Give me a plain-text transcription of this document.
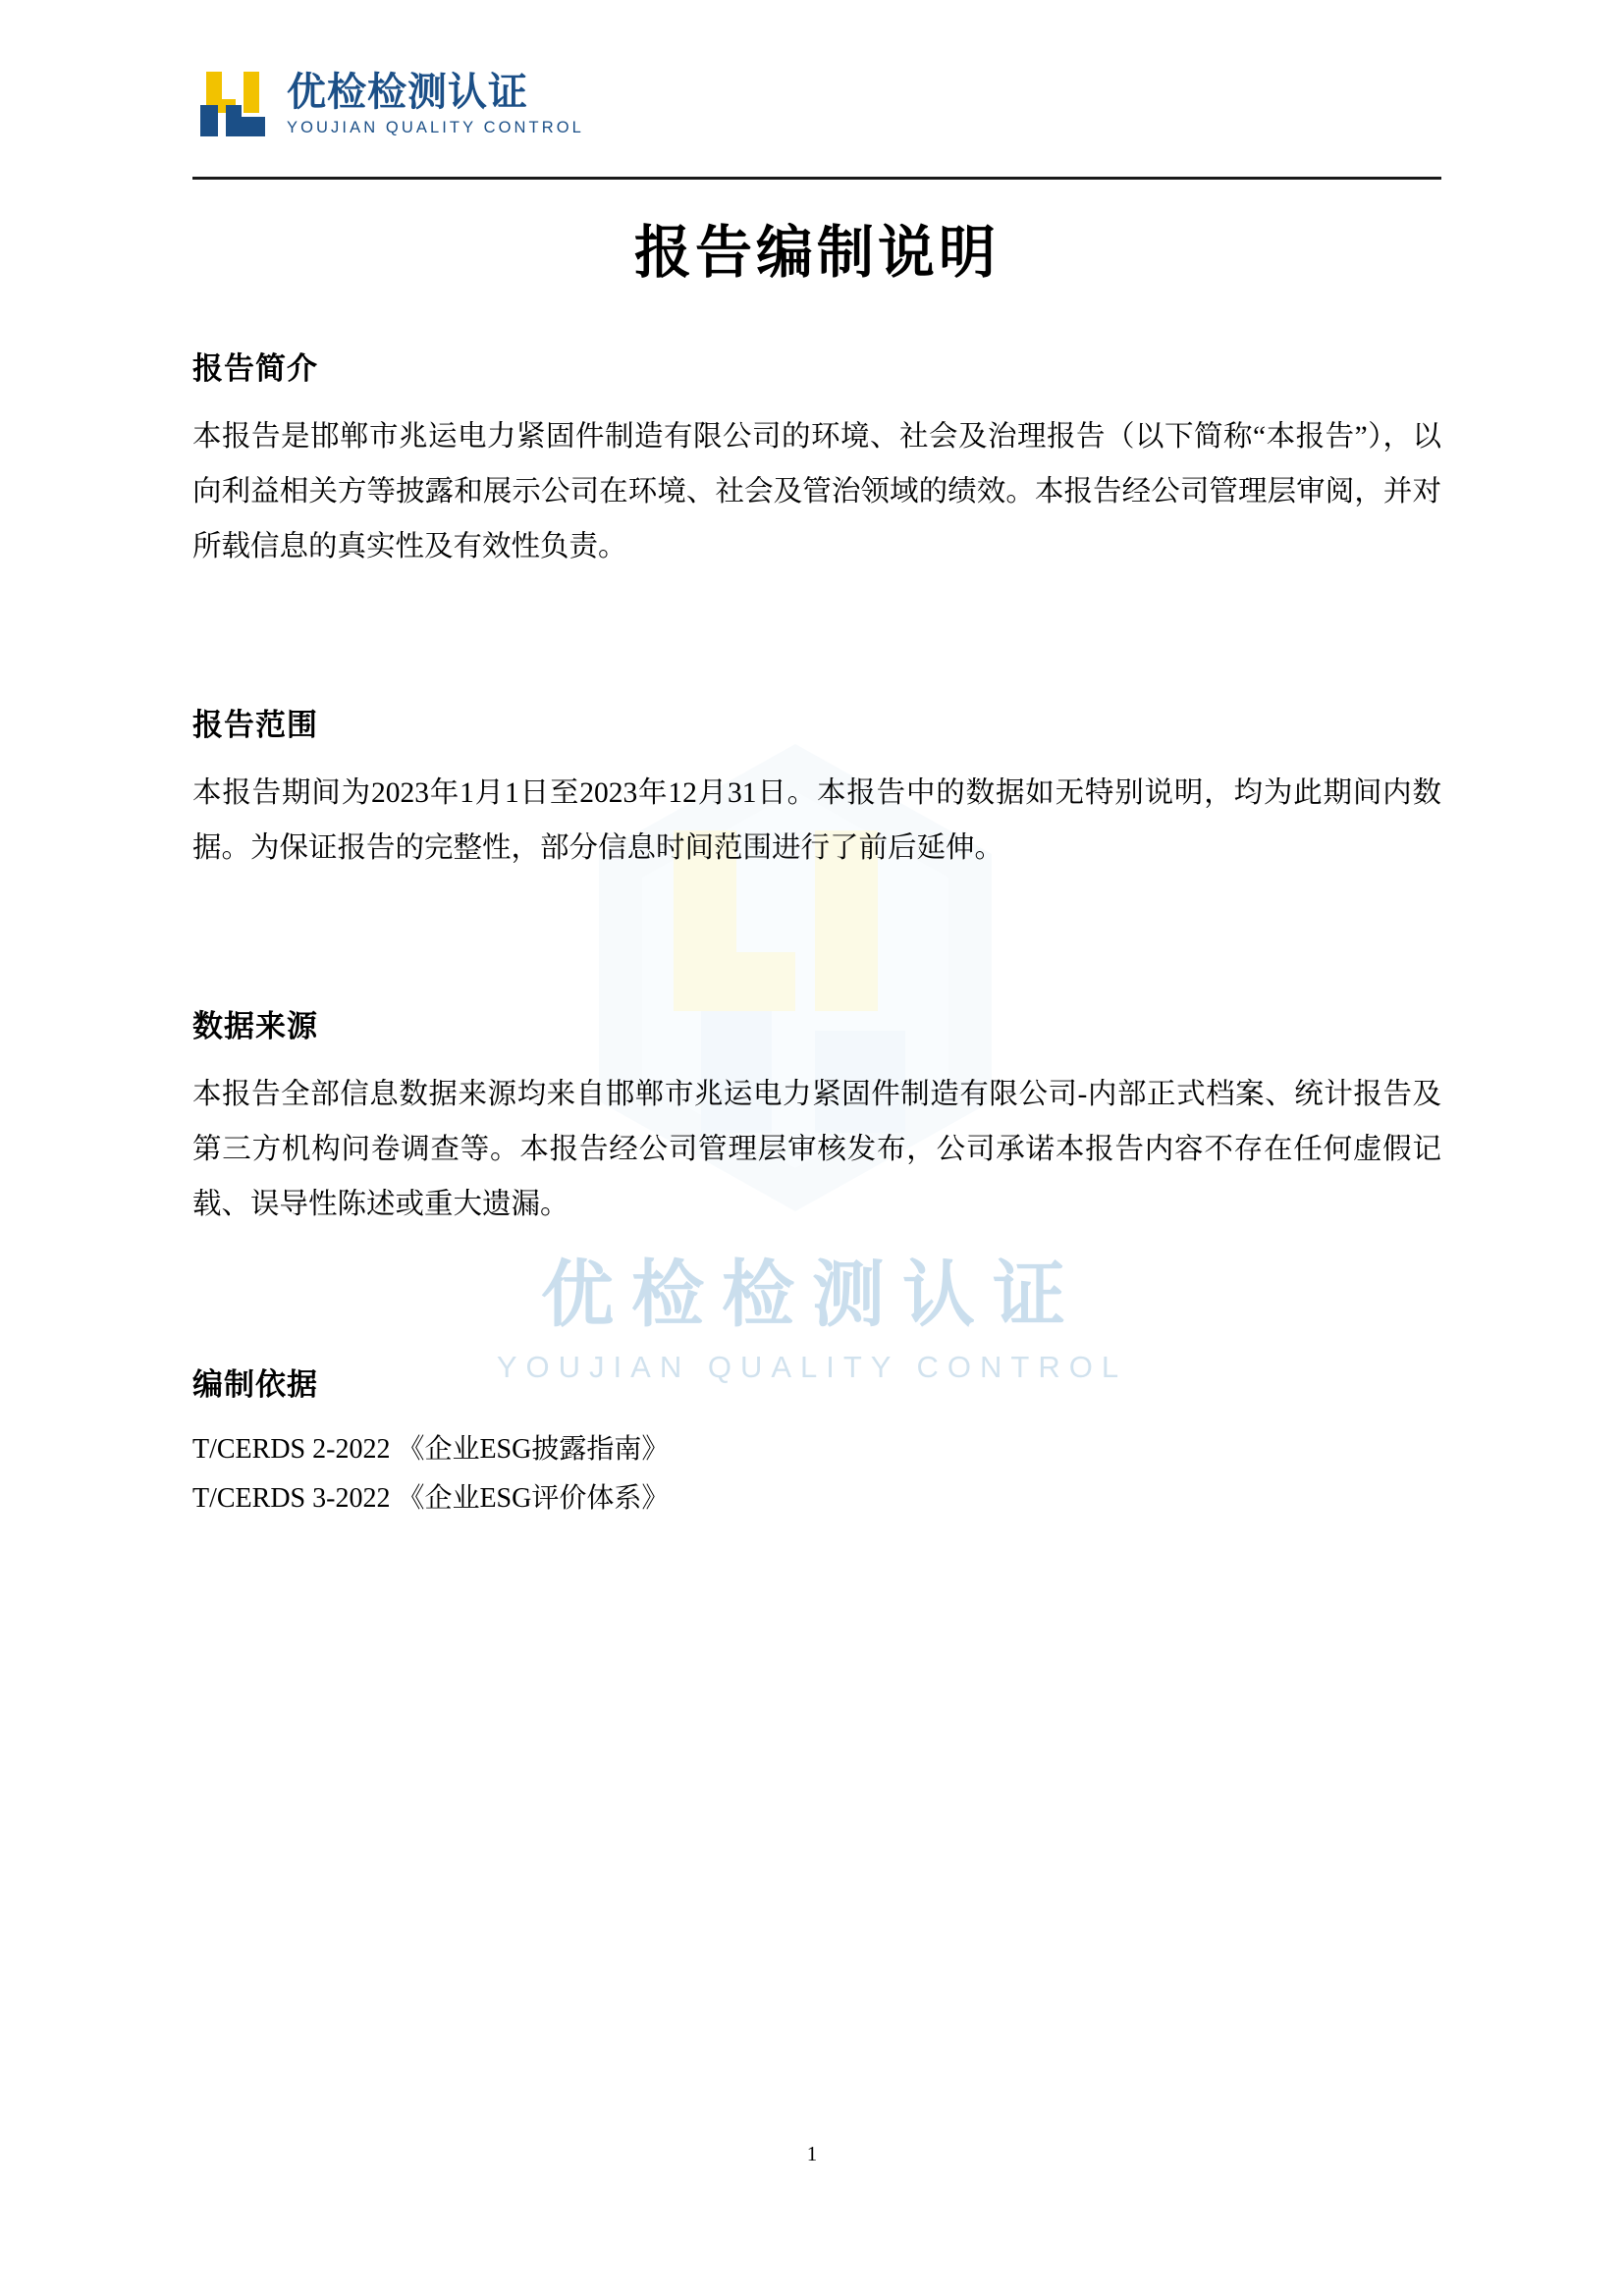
优检检测认证
YOUJIAN QUALITY CONTROL
优检检测认证
YOUJIAN QUALITY CONTROL
报告编制说明
报告简介

本报告是邯郸市兆运电力紧固件制造有限公司的环境、社会及治理报告（以下简称“本报告”），以向利益相关方等披露和展示公司在环境、社会及管治领域的绩效。本报告经公司管理层审阅，并对所载信息的真实性及有效性负责。

报告范围

本报告期间为2023年1月1日至2023年12月31日。本报告中的数据如无特别说明，均为此期间内数据。为保证报告的完整性，部分信息时间范围进行了前后延伸。

数据来源

本报告全部信息数据来源均来自邯郸市兆运电力紧固件制造有限公司-内部正式档案、统计报告及第三方机构问卷调查等。本报告经公司管理层审核发布，公司承诺本报告内容不存在任何虚假记载、误导性陈述或重大遗漏。

编制依据
T/CERDS 2-2022 《企业ESG披露指南》
T/CERDS 3-2022 《企业ESG评价体系》
1
